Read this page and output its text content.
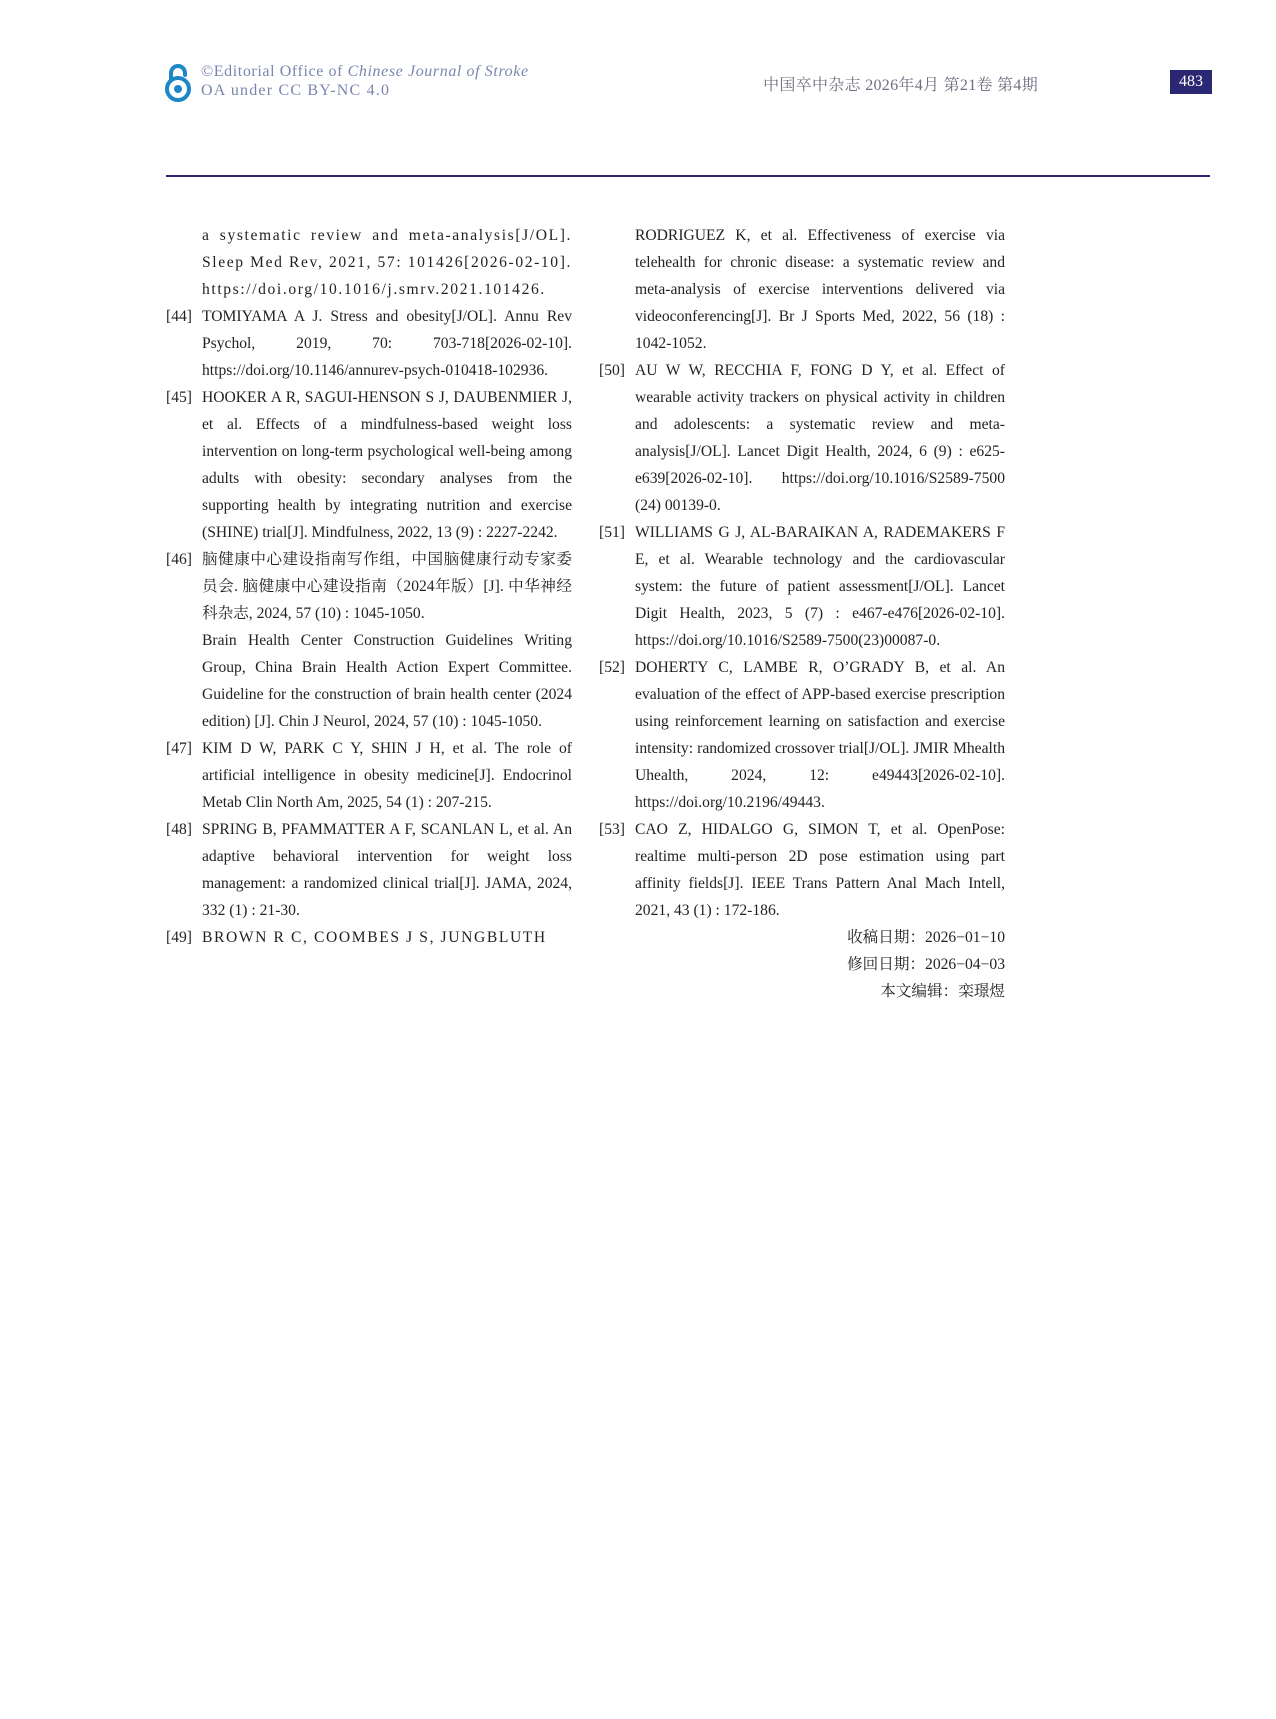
©Editorial Office of Chinese Journal of Stroke
OA under CC BY-NC 4.0	中国卒中杂志 2026年4月 第21卷 第4期	483

a systematic review and meta-analysis[J/OL]. Sleep Med Rev, 2021, 57: 101426[2026-02-10]. https://doi.org/10.1016/j.smrv.2021.101426.

[44] TOMIYAMA A J. Stress and obesity[J/OL]. Annu Rev Psychol, 2019, 70: 703-718[2026-02-10]. https://doi.org/10.1146/annurev-psych-010418-102936.

[45] HOOKER A R, SAGUI-HENSON S J, DAUBENMIER J, et al. Effects of a mindfulness-based weight loss intervention on long-term psychological well-being among adults with obesity: secondary analyses from the supporting health by integrating nutrition and exercise (SHINE) trial[J]. Mindfulness, 2022, 13 (9) : 2227-2242.

[46] 脑健康中心建设指南写作组，中国脑健康行动专家委员会. 脑健康中心建设指南（2024年版）[J]. 中华神经科杂志, 2024, 57 (10) : 1045-1050.

Brain Health Center Construction Guidelines Writing Group, China Brain Health Action Expert Committee. Guideline for the construction of brain health center (2024 edition) [J]. Chin J Neurol, 2024, 57 (10) : 1045-1050.

[47] KIM D W, PARK C Y, SHIN J H, et al. The role of artificial intelligence in obesity medicine[J]. Endocrinol Metab Clin North Am, 2025, 54 (1) : 207-215.

[48] SPRING B, PFAMMATTER A F, SCANLAN L, et al. An adaptive behavioral intervention for weight loss management: a randomized clinical trial[J]. JAMA, 2024, 332 (1) : 21-30.

[49] BROWN R C, COOMBES J S, JUNGBLUTH

RODRIGUEZ K, et al. Effectiveness of exercise via telehealth for chronic disease: a systematic review and meta-analysis of exercise interventions delivered via videoconferencing[J]. Br J Sports Med, 2022, 56 (18) : 1042-1052.

[50] AU W W, RECCHIA F, FONG D Y, et al. Effect of wearable activity trackers on physical activity in children and adolescents: a systematic review and meta-analysis[J/OL]. Lancet Digit Health, 2024, 6 (9) : e625-e639[2026-02-10]. https://doi.org/10.1016/S2589-7500 (24) 00139-0.

[51] WILLIAMS G J, AL-BARAIKAN A, RADEMAKERS F E, et al. Wearable technology and the cardiovascular system: the future of patient assessment[J/OL]. Lancet Digit Health, 2023, 5 (7) : e467-e476[2026-02-10]. https://doi.org/10.1016/S2589-7500(23)00087-0.

[52] DOHERTY C, LAMBE R, O’GRADY B, et al. An evaluation of the effect of APP-based exercise prescription using reinforcement learning on satisfaction and exercise intensity: randomized crossover trial[J/OL]. JMIR Mhealth Uhealth, 2024, 12: e49443[2026-02-10]. https://doi.org/10.2196/49443.

[53] CAO Z, HIDALGO G, SIMON T, et al. OpenPose: realtime multi-person 2D pose estimation using part affinity fields[J]. IEEE Trans Pattern Anal Mach Intell, 2021, 43 (1) : 172-186.

收稿日期：2026−01−10
修回日期：2026−04−03
本文编辑：栾璟煜
